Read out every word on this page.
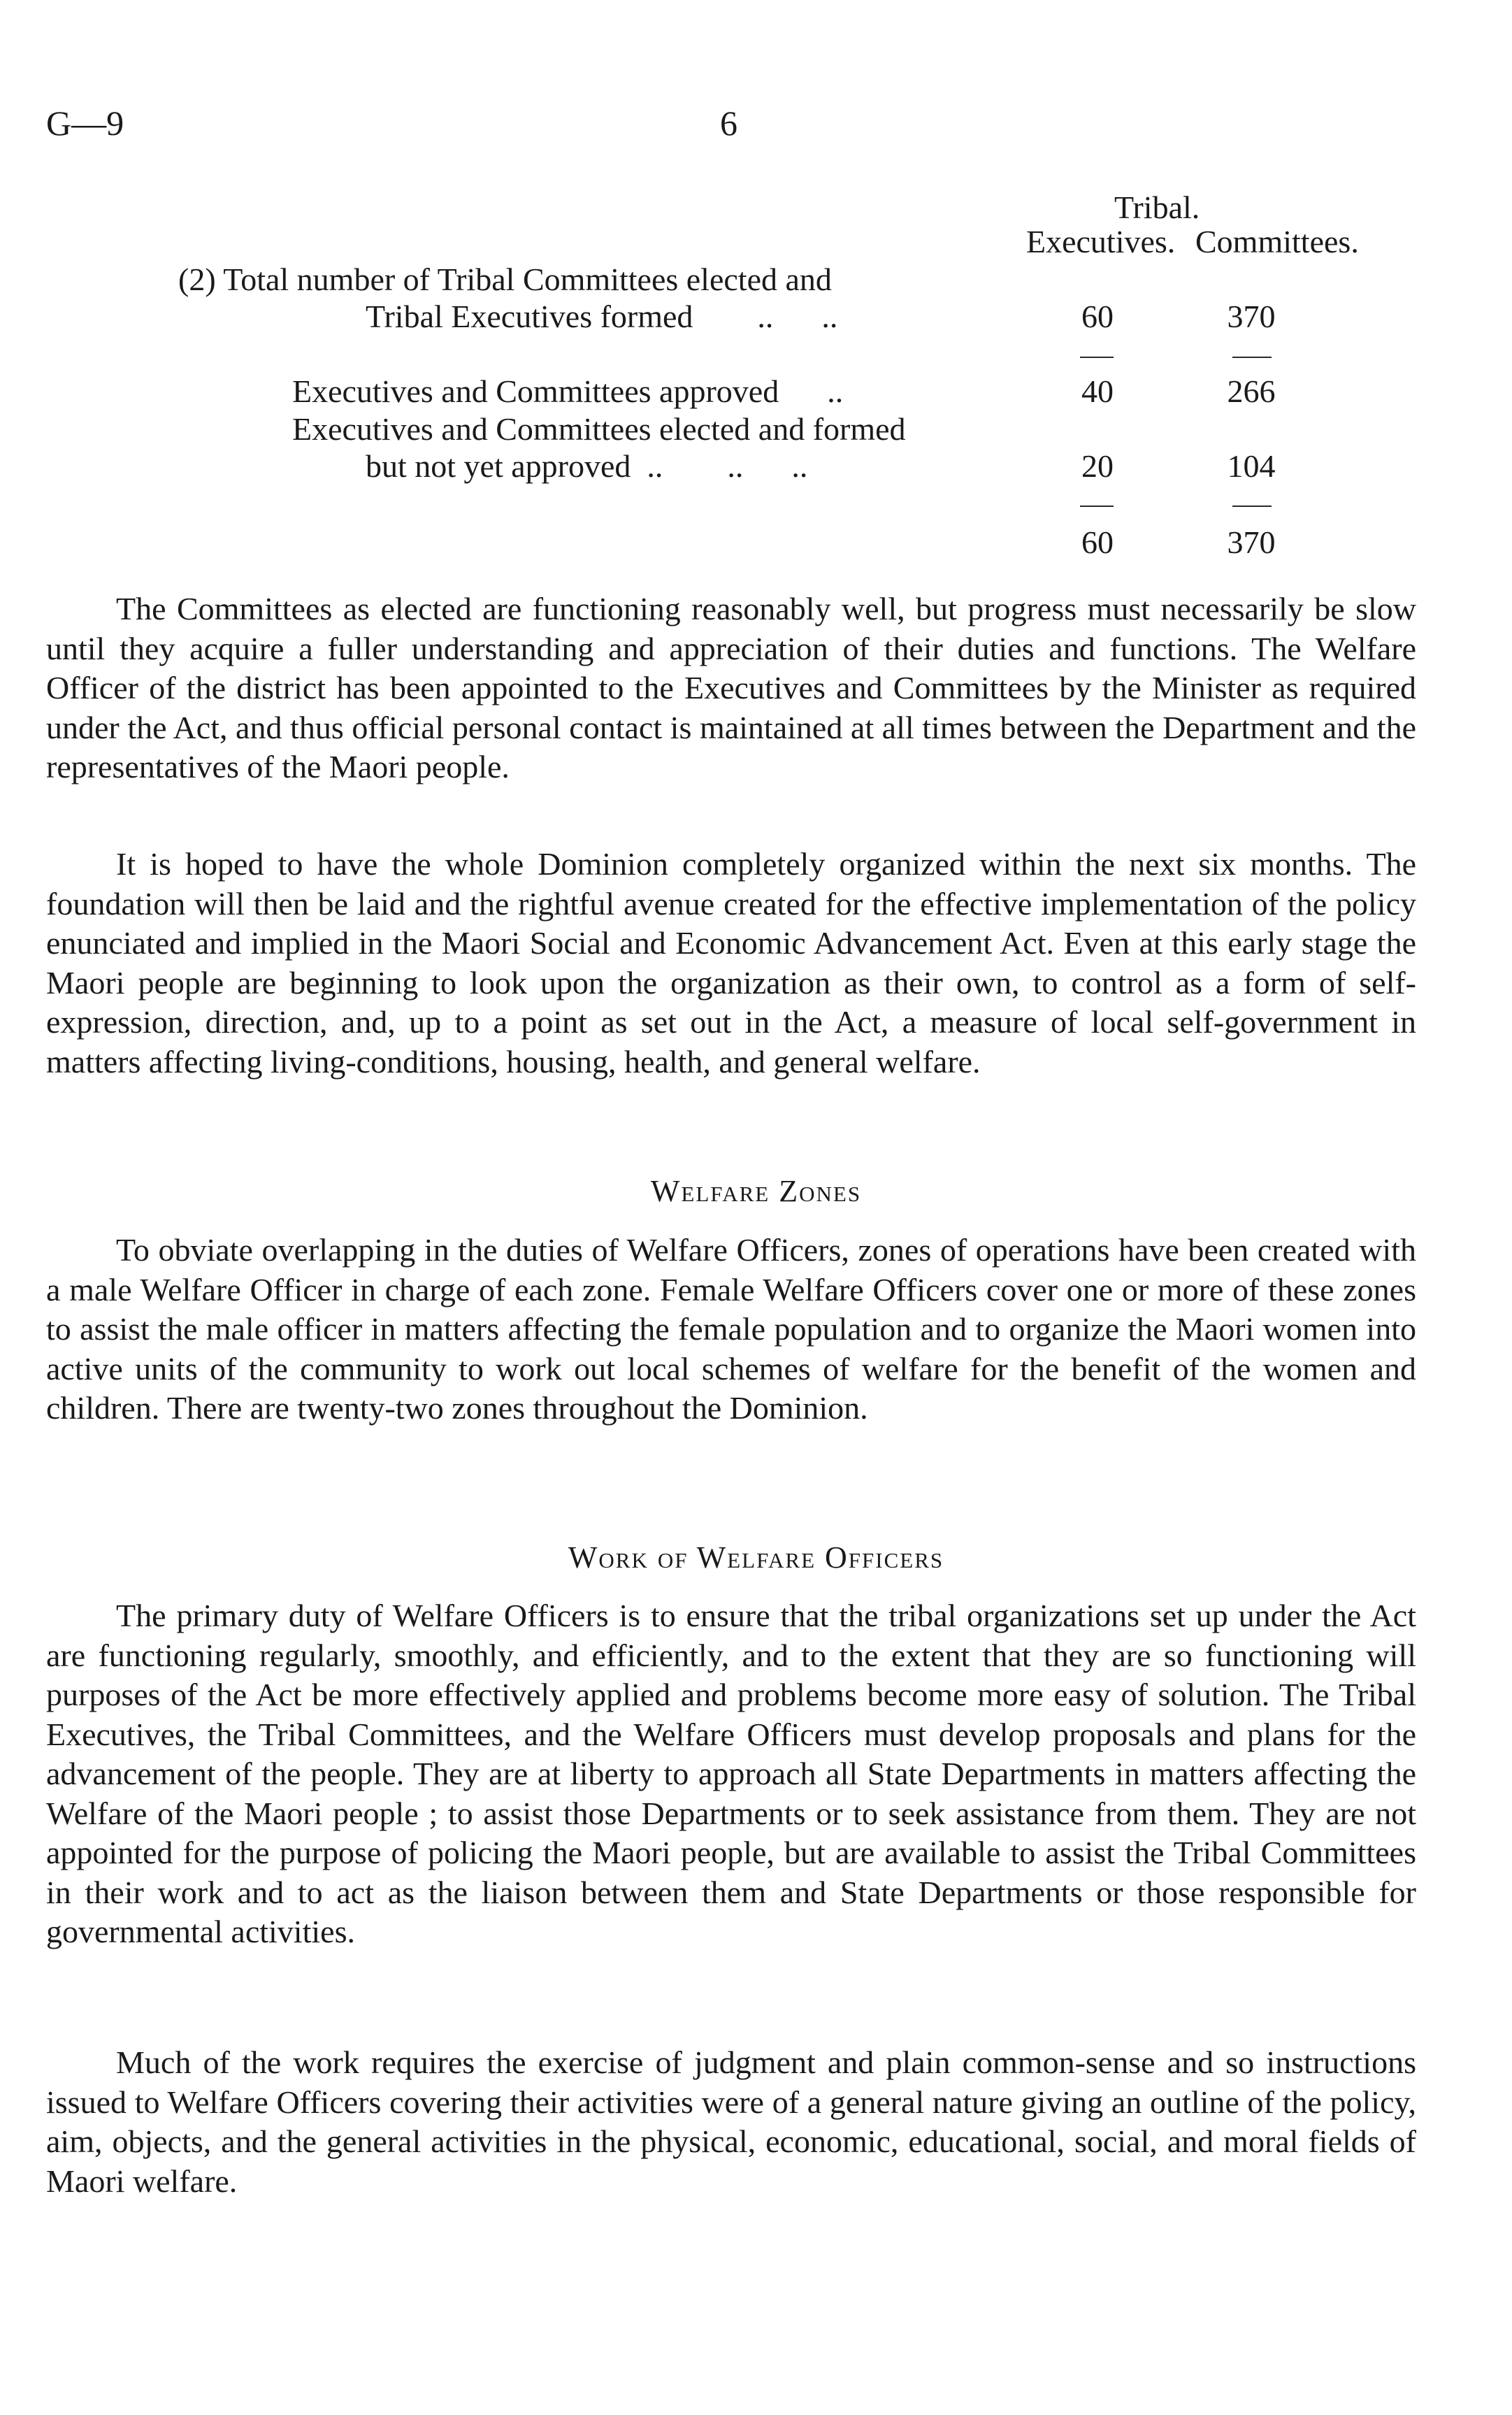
G—9	6
Tribal.
Executives. Committees.
(2) Total number of Tribal Committees elected and
Tribal Executives formed        ..      ..	60	370
Executives and Committees approved      ..	40	266
Executives and Committees elected and formed
but not yet approved  ..        ..      ..	20	104
60	370

The Committees as elected are functioning reasonably well, but progress must necessarily be slow until they acquire a fuller understanding and appreciation of their duties and functions. The Welfare Officer of the district has been appointed to the Executives and Committees by the Minister as required under the Act, and thus official personal contact is maintained at all times between the Department and the representatives of the Maori people.

It is hoped to have the whole Dominion completely organized within the next six months. The foundation will then be laid and the rightful avenue created for the effective implementation of the policy enunciated and implied in the Maori Social and Economic Advancement Act. Even at this early stage the Maori people are beginning to look upon the organization as their own, to control as a form of self-expression, direction, and, up to a point as set out in the Act, a measure of local self-government in matters affecting living-conditions, housing, health, and general welfare.

Welfare Zones

To obviate overlapping in the duties of Welfare Officers, zones of operations have been created with a male Welfare Officer in charge of each zone. Female Welfare Officers cover one or more of these zones to assist the male officer in matters affecting the female population and to organize the Maori women into active units of the community to work out local schemes of welfare for the benefit of the women and children. There are twenty-two zones throughout the Dominion.

Work of Welfare Officers

The primary duty of Welfare Officers is to ensure that the tribal organizations set up under the Act are functioning regularly, smoothly, and efficiently, and to the extent that they are so functioning will purposes of the Act be more effectively applied and problems become more easy of solution. The Tribal Executives, the Tribal Committees, and the Welfare Officers must develop proposals and plans for the advancement of the people. They are at liberty to approach all State Departments in matters affecting the Welfare of the Maori people ; to assist those Departments or to seek assistance from them. They are not appointed for the purpose of policing the Maori people, but are available to assist the Tribal Committees in their work and to act as the liaison between them and State Departments or those responsible for governmental activities.

Much of the work requires the exercise of judgment and plain common-sense and so instructions issued to Welfare Officers covering their activities were of a general nature giving an outline of the policy, aim, objects, and the general activities in the physical, economic, educational, social, and moral fields of Maori welfare.
